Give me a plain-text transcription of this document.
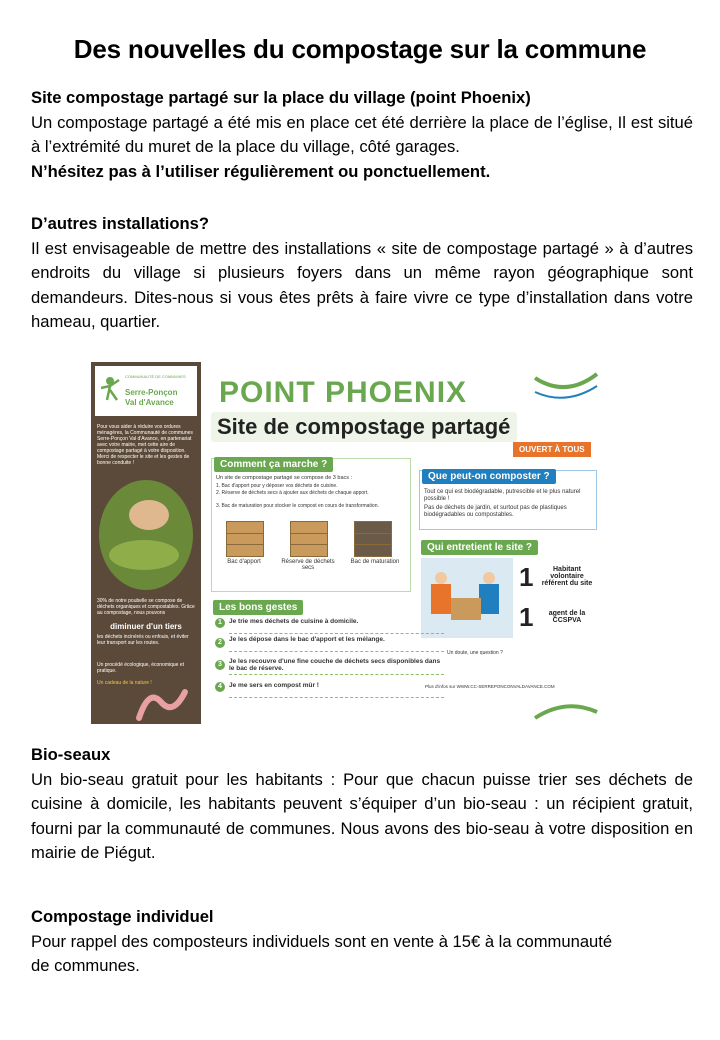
Des nouvelles du compostage sur la commune

Site compostage partagé sur la place du village (point Phoenix)

Un compostage partagé a été mis en place cet été derrière la place de l’église, Il est situé à l’extrémité du muret de la place du village, côté garages.

N’hésitez pas à l’utiliser régulièrement ou ponctuellement.

D’autres installations?

Il est envisageable de mettre des installations « site de compostage partagé » à d’autres endroits du village si plusieurs foyers dans un même rayon géographique sont demandeurs. Dites-nous si vous êtes prêts à faire vivre ce type d’installation dans votre hameau, quartier.

COMMUNAUTÉ DE COMMUNES
Serre-Ponçon
Val d'Avance
Pour vous aider à réduire vos ordures ménagères, la Communauté de communes Serre-Ponçon Val d'Avance, en partenariat avec votre mairie, met cette aire de compostage partagé à votre disposition. Merci de respecter le site et les gestes de bonne conduite !
30% de notre poubelle se compose de déchets organiques et compostables. Grâce au compostage, nous pouvons
diminuer d'un tiers
les déchets incinérés ou enfouis, et éviter leur transport sur les routes.
Un procédé écologique, économique et pratique.
Un cadeau de la nature !
POINT PHOENIX
Site de compostage partagé
OUVERT À TOUS
Comment ça marche ?
Un site de compostage partagé se compose de 3 bacs :
1. Bac d'apport pour y déposer vos déchets de cuisine.
2. Réserve de déchets secs à ajouter aux déchets de chaque apport.
3. Bac de maturation pour stocker le compost en cours de transformation.
Bac d'apport	Réserve de déchets secs
Bac de maturation
Que peut-on composter ?
Tout ce qui est biodégradable, putrescible et le plus naturel possible !
Pas de déchets de jardin, et surtout pas de plastiques biodégradables ou compostables.
Qui entretient le site ?
1	Habitant volontaire référent du site
1	agent de la CCSPVA
Les bons gestes
1	Je trie mes déchets de cuisine à domicile.
2	Je les dépose dans le bac d'apport et les mélange.
3	Je les recouvre d'une fine couche de déchets secs disponibles dans le bac de réserve.
4	Je me sers en compost mûr !
Un doute, une question ?
Plus d'infos sur WWW.CC-SERREPONCONVALDAVANCE.COM

Bio-seaux

Un bio-seau gratuit pour les habitants : Pour que chacun puisse trier ses déchets de cuisine à domicile, les habitants peuvent s’équiper d’un bio-seau : un récipient gratuit, fourni par la communauté de communes. Nous avons des bio-seau à votre disposition en mairie de Piégut.

Compostage individuel

Pour rappel des composteurs individuels sont en vente à 15€ à la communauté de communes.
